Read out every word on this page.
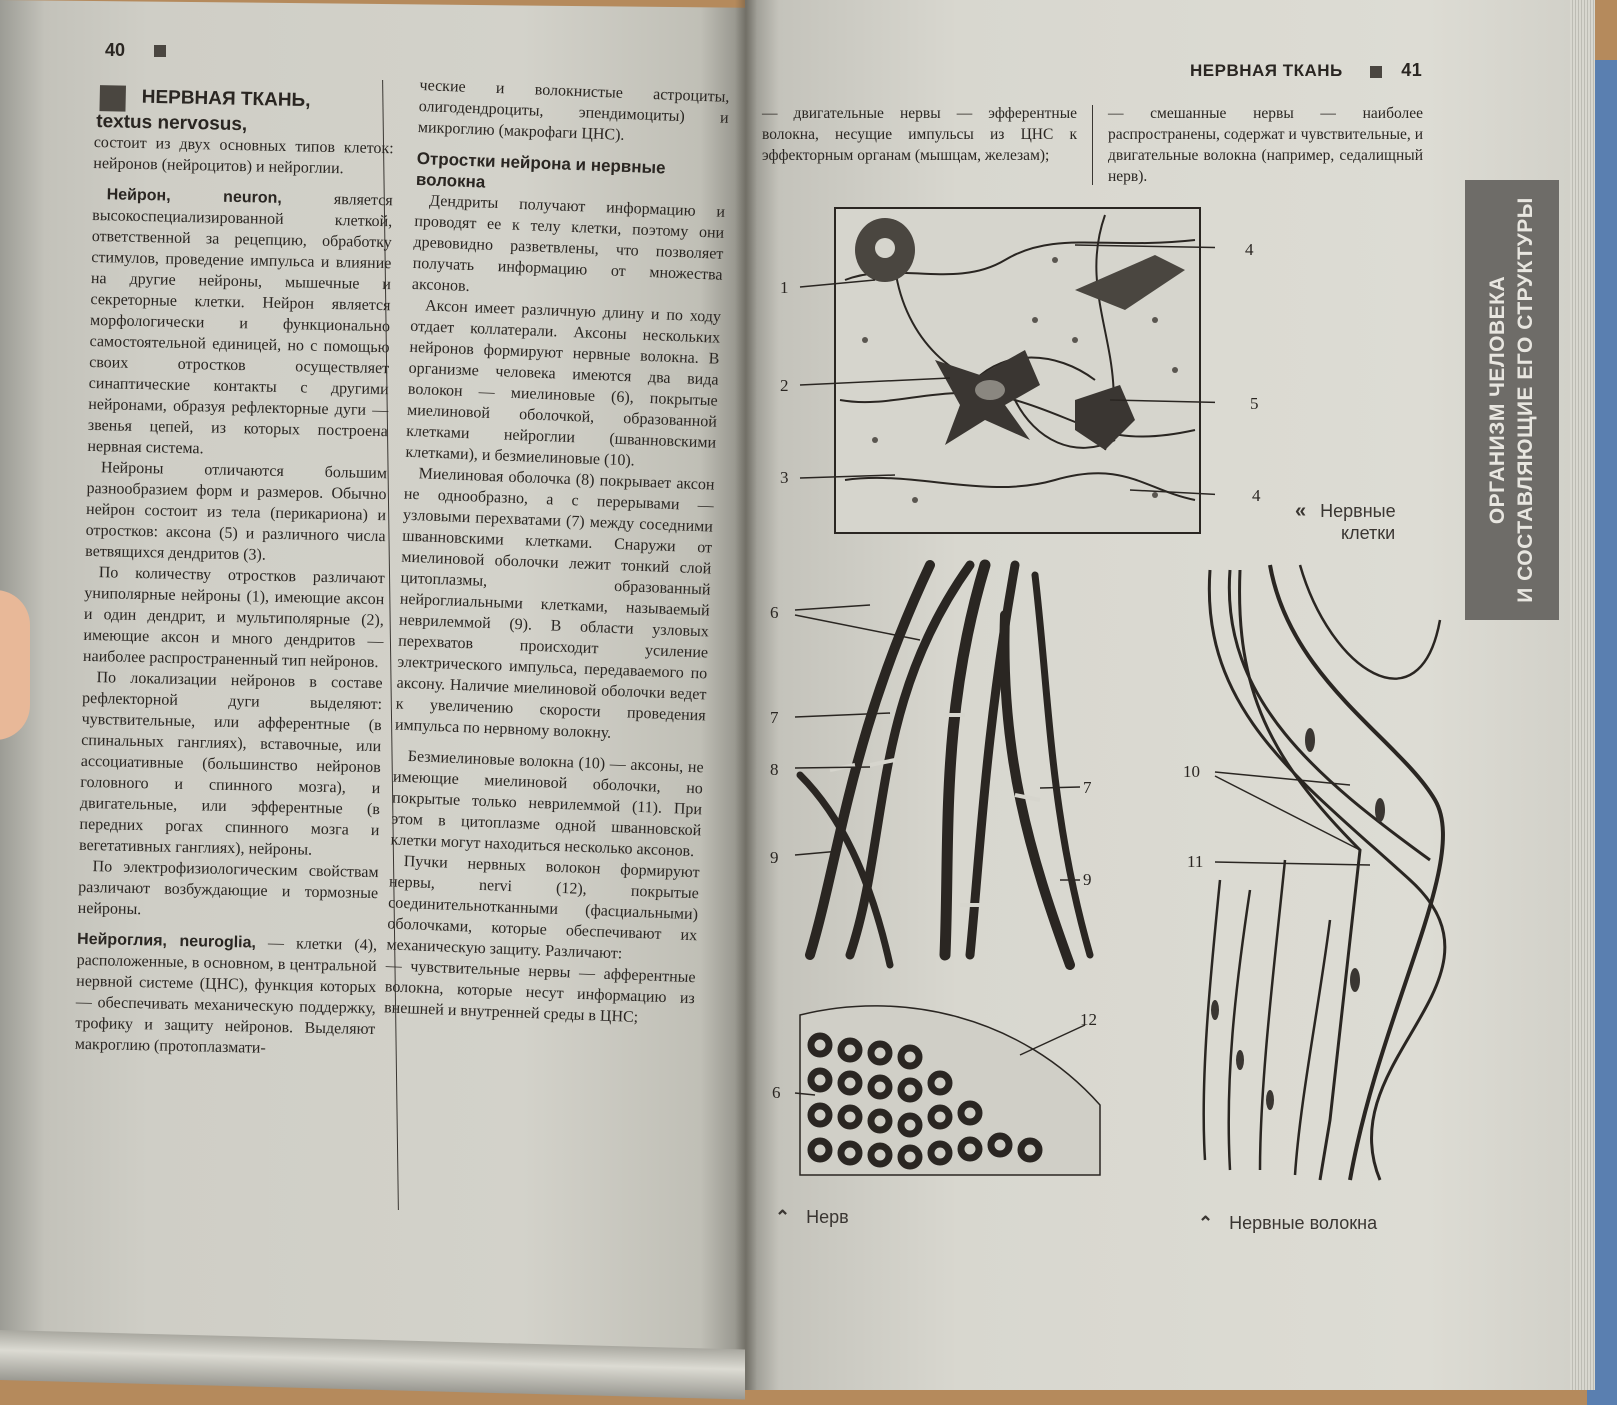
40
НЕРВНАЯ ТКАНЬ,
textus nervosus,

состоит из двух основных типов клеток: нейронов (нейроцитов) и нейроглии.

Нейрон, neuron,	является высокоспециализированной клеткой, ответственной за рецепцию, обработку стимулов, проведение импульса и влияние на другие нейроны, мышечные и секреторные клетки. Нейрон является морфологически и функционально самостоятельной единицей, но с помощью своих отростков осуществляет синаптические контакты с другими нейронами, образуя рефлекторные дуги — звенья цепей, из которых построена нервная система.

Нейроны отличаются большим разнообразием форм и размеров. Обычно нейрон состоит из тела (перикариона) и отростков: аксона (5) и различного числа ветвящихся дендритов (3).

По количеству отростков различают униполярные нейроны (1), имеющие аксон и один дендрит, и мультиполярные (2), имеющие аксон и много дендритов — наиболее распространенный тип нейронов.

По локализации нейронов в составе рефлекторной дуги выделяют: чувствительные, или афферентные (в спинальных ганглиях), вставочные, или ассоциативные (большинство нейронов головного и спинного мозга), и двигательные, или эфферентные (в передних рогах спинного мозга и вегетативных ганглиях), нейроны.

По электрофизиологическим свойствам различают возбуждающие и тормозные нейроны.

Нейроглия, neuroglia, — клетки (4), расположенные, в основном, в центральной нервной системе (ЦНС), функция которых — обеспечивать механическую поддержку, трофику и защиту нейронов. Выделяют макроглию (протоплазмати-

ческие и волокнистые астроциты, олигодендроциты, эпендимоциты) и микроглию (макрофаги ЦНС).

Отростки нейрона и нервные волокна

Дендриты получают информацию и проводят ее к телу клетки, поэтому они древовидно разветвлены, что позволяет получать информацию от множества аксонов.

Аксон имеет различную длину и по ходу отдает коллатерали. Аксоны нескольких нейронов формируют нервные волокна. В организме человека имеются два вида волокон — миелиновые (6), покрытые миелиновой оболочкой, образованной клетками нейроглии (шванновскими клетками), и безмиелиновые (10).

Миелиновая оболочка (8) покрывает аксон не однообразно, а с перерывами — узловыми перехватами (7) между соседними шванновскими клетками. Снаружи от миелиновой оболочки лежит тонкий слой цитоплазмы, образованный нейроглиальными клетками, называемый неврилеммой (9). В области узловых перехватов происходит усиление электрического импульса, передаваемого по аксону. Наличие миелиновой оболочки ведет к увеличению скорости проведения импульса по нервному волокну.

Безмиелиновые волокна (10) — аксоны, не имеющие миелиновой оболочки, но покрытые только неврилеммой (11). При этом в цитоплазме одной шванновской клетки могут находиться несколько аксонов.

Пучки нервных волокон формируют нервы, nervi (12), покрытые соединительнотканными (фасциальными) оболочками, которые обеспечивают их механическую защиту. Различают:

— чувствительные нервы — афферентные волокна, которые несут информацию из внешней и внутренней среды в ЦНС;

НЕРВНАЯ ТКАНЬ	41
— двигательные нервы — эфферентные волокна, несущие импульсы из ЦНС к эффекторным органам (мышцам, железам);
— смешанные нервы — наиболее распространены, содержат и чувствительные, и двигательные волокна (например, седалищный нерв).
ОРГАНИЗМ ЧЕЛОВЕКА И СОСТАВЛЯЮЩИЕ ЕГО СТРУКТУРЫ
1
2
3
4
5
4
« Нервные
клетки
6
7
8
9
7
9
12
6
⌃ Нерв
10
11
⌃ Нервные волокна
